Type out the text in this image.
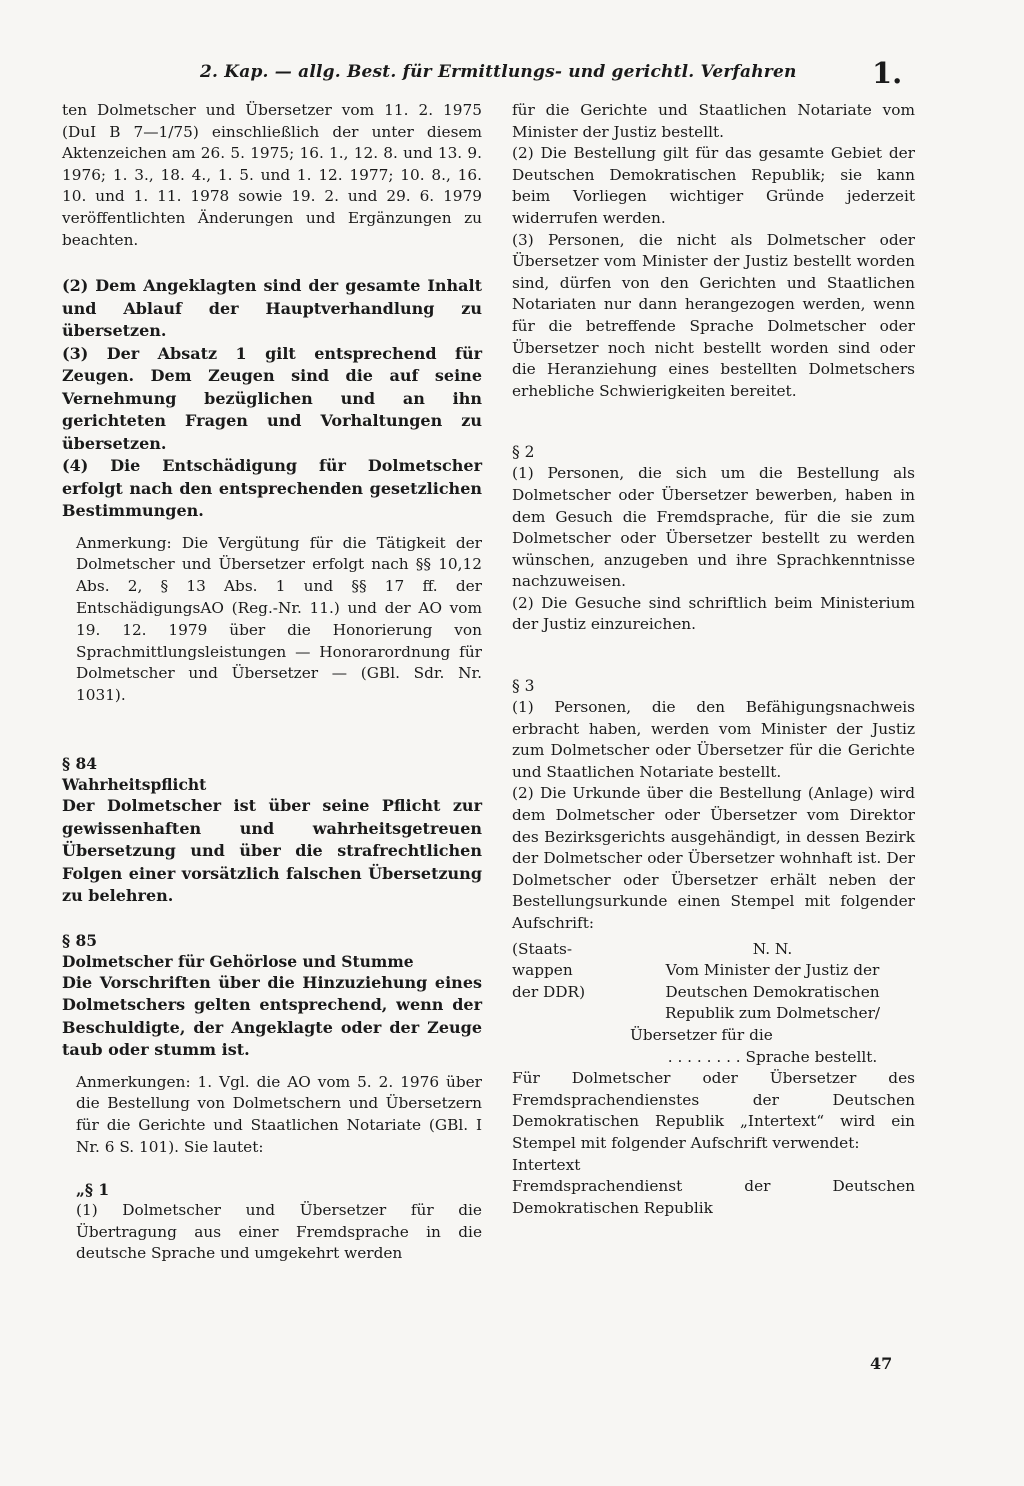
2. Kap. — allg. Best. für Ermittlungs- und gerichtl. Verfahren	1.

ten Dolmetscher und Übersetzer vom 11. 2. 1975 (DuI B 7—1/75) einschließlich der unter diesem Aktenzeichen am 26. 5. 1975; 16. 1., 12. 8. und 13. 9. 1976; 1. 3., 18. 4., 1. 5. und 1. 12. 1977; 10. 8., 16. 10. und 1. 11. 1978 sowie 19. 2. und 29. 6. 1979 veröffentlichten Änderungen und Ergänzungen zu beachten.

(2) Dem Angeklagten sind der gesamte Inhalt und Ablauf der Hauptverhandlung zu übersetzen.

(3) Der Absatz 1 gilt entsprechend für Zeugen. Dem Zeugen sind die auf seine Vernehmung bezüglichen und an ihn gerichteten Fragen und Vorhaltungen zu übersetzen.

(4) Die Entschädigung für Dolmetscher erfolgt nach den entsprechenden gesetzlichen Bestimmungen.

Anmerkung: Die Vergütung für die Tätigkeit der Dolmetscher und Übersetzer erfolgt nach §§ 10,12 Abs. 2, § 13 Abs. 1 und §§ 17 ff. der EntschädigungsAO (Reg.-Nr. 11.) und der AO vom 19. 12. 1979 über die Honorierung von Sprachmittlungsleistungen — Honorarordnung für Dolmetscher und Übersetzer — (GBl. Sdr. Nr. 1031).

§ 84

Wahrheitspflicht

Der Dolmetscher ist über seine Pflicht zur gewissenhaften und wahrheitsgetreuen Übersetzung und über die strafrechtlichen Folgen einer vorsätzlich falschen Übersetzung zu belehren.

§ 85

Dolmetscher für Gehörlose und Stumme

Die Vorschriften über die Hinzuziehung eines Dolmetschers gelten entsprechend, wenn der Beschuldigte, der Angeklagte oder der Zeuge taub oder stumm ist.

Anmerkungen: 1. Vgl. die AO vom 5. 2. 1976 über die Bestellung von Dolmetschern und Übersetzern für die Gerichte und Staatlichen Notariate (GBl. I Nr. 6 S. 101). Sie lautet:

„§ 1

(1) Dolmetscher und Übersetzer für die Übertragung aus einer Fremdsprache in die deutsche Sprache und umgekehrt werden

für die Gerichte und Staatlichen Notariate vom Minister der Justiz bestellt.

(2) Die Bestellung gilt für das gesamte Gebiet der Deutschen Demokratischen Republik; sie kann beim Vorliegen wichtiger Gründe jederzeit widerrufen werden.

(3) Personen, die nicht als Dolmetscher oder Übersetzer vom Minister der Justiz bestellt worden sind, dürfen von den Gerichten und Staatlichen Notariaten nur dann herangezogen werden, wenn für die betreffende Sprache Dolmetscher oder Übersetzer noch nicht bestellt worden sind oder die Heranziehung eines bestellten Dolmetschers erhebliche Schwierigkeiten bereitet.

§ 2

(1) Personen, die sich um die Bestellung als Dolmetscher oder Übersetzer bewerben, haben in dem Gesuch die Fremdsprache, für die sie zum Dolmetscher oder Übersetzer bestellt zu werden wünschen, anzugeben und ihre Sprachkenntnisse nachzuweisen.

(2) Die Gesuche sind schriftlich beim Ministerium der Justiz einzureichen.

§ 3

(1) Personen, die den Befähigungsnachweis erbracht haben, werden vom Minister der Justiz zum Dolmetscher oder Übersetzer für die Gerichte und Staatlichen Notariate bestellt.

(2) Die Urkunde über die Bestellung (Anlage) wird dem Dolmetscher oder Übersetzer vom Direktor des Bezirksgerichts ausgehändigt, in dessen Bezirk der Dolmetscher oder Übersetzer wohnhaft ist. Der Dolmetscher oder Übersetzer erhält neben der Bestellungsurkunde einen Stempel mit folgender Aufschrift:

(Staats-
wappen
der DDR)
N. N.
Vom Minister der Justiz der
Deutschen Demokratischen
Republik zum Dolmetscher/
Übersetzer für die
. . . . . . . . Sprache bestellt.

Für Dolmetscher oder Übersetzer des Fremdsprachendienstes der Deutschen Demokratischen Republik „Intertext“ wird ein Stempel mit folgender Aufschrift verwendet:

Intertext

Fremdsprachendienst der Deutschen Demokratischen Republik

47
